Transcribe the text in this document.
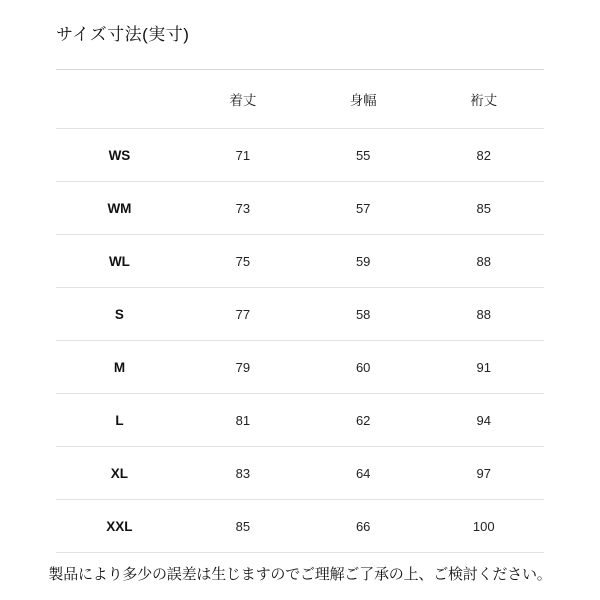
サイズ寸法(実寸)
	着丈	身幅	裄丈
WS	71	55	82
WM	73	57	85
WL	75	59	88
S	77	58	88
M	79	60	91
L	81	62	94
XL	83	64	97
XXL	85	66	100
製品により多少の誤差は生じますのでご理解ご了承の上、ご検討ください。
